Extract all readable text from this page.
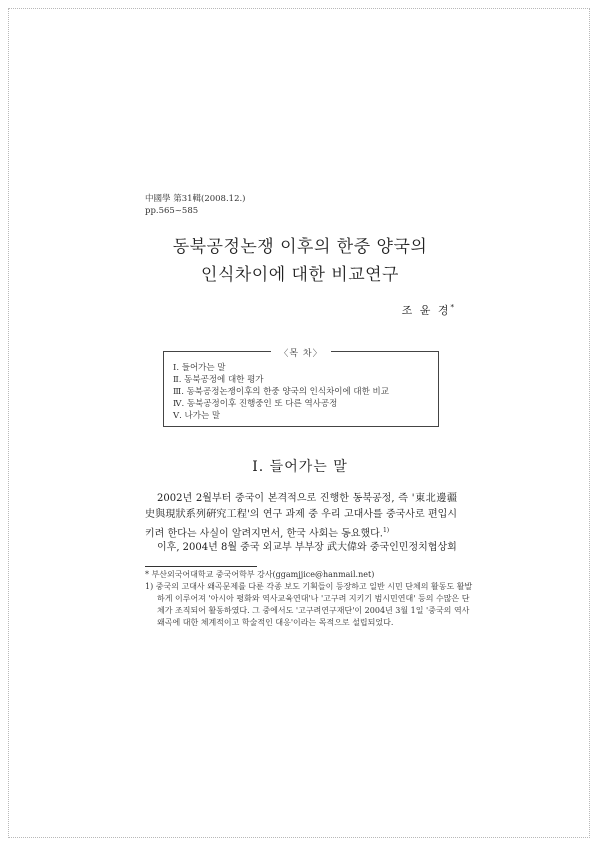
中國學 第31輯(2008.12.)
pp.565~585
동북공정논쟁 이후의 한중 양국의
인식차이에 대한 비교연구
조 윤 경*
〈목 차〉
Ⅰ. 들어가는 말
Ⅱ. 동북공정에 대한 평가
Ⅲ. 동북공정논쟁이후의 한중 양국의 인식차이에 대한 비교
Ⅳ. 동북공정이후 진행중인 또 다른 역사공정
Ⅴ. 나가는 말
Ⅰ. 들어가는 말
2002년 2월부터 중국이 본격적으로 진행한 동북공정, 즉 '東北邊疆史與現狀系列硏究工程'의 연구 과제 중 우리 고대사를 중국사로 편입시키려 한다는 사실이 알려지면서, 한국 사회는 동요했다.$^{1)}$
이후, 2004년 8월 중국 외교부 부부장 武大偉와 중국인민정치협상회
* 부산외국어대학교 중국어학부 강사(ggamjjice@hanmail.net)
1) 중국의 고대사 왜곡문제를 다룬 각종 보도 기획들이 등장하고 일반 시민 단체의 활동도 활발하게 이루어져 '아시아 평화와 역사교육연대'나 '고구려 지키기 범시민연대' 등의 수많은 단체가 조직되어 활동하였다. 그 중에서도 '고구려연구재단'이 2004년 3월 1일 '중국의 역사왜곡에 대한 체계적이고 학술적인 대응'이라는 목적으로 설립되었다.
